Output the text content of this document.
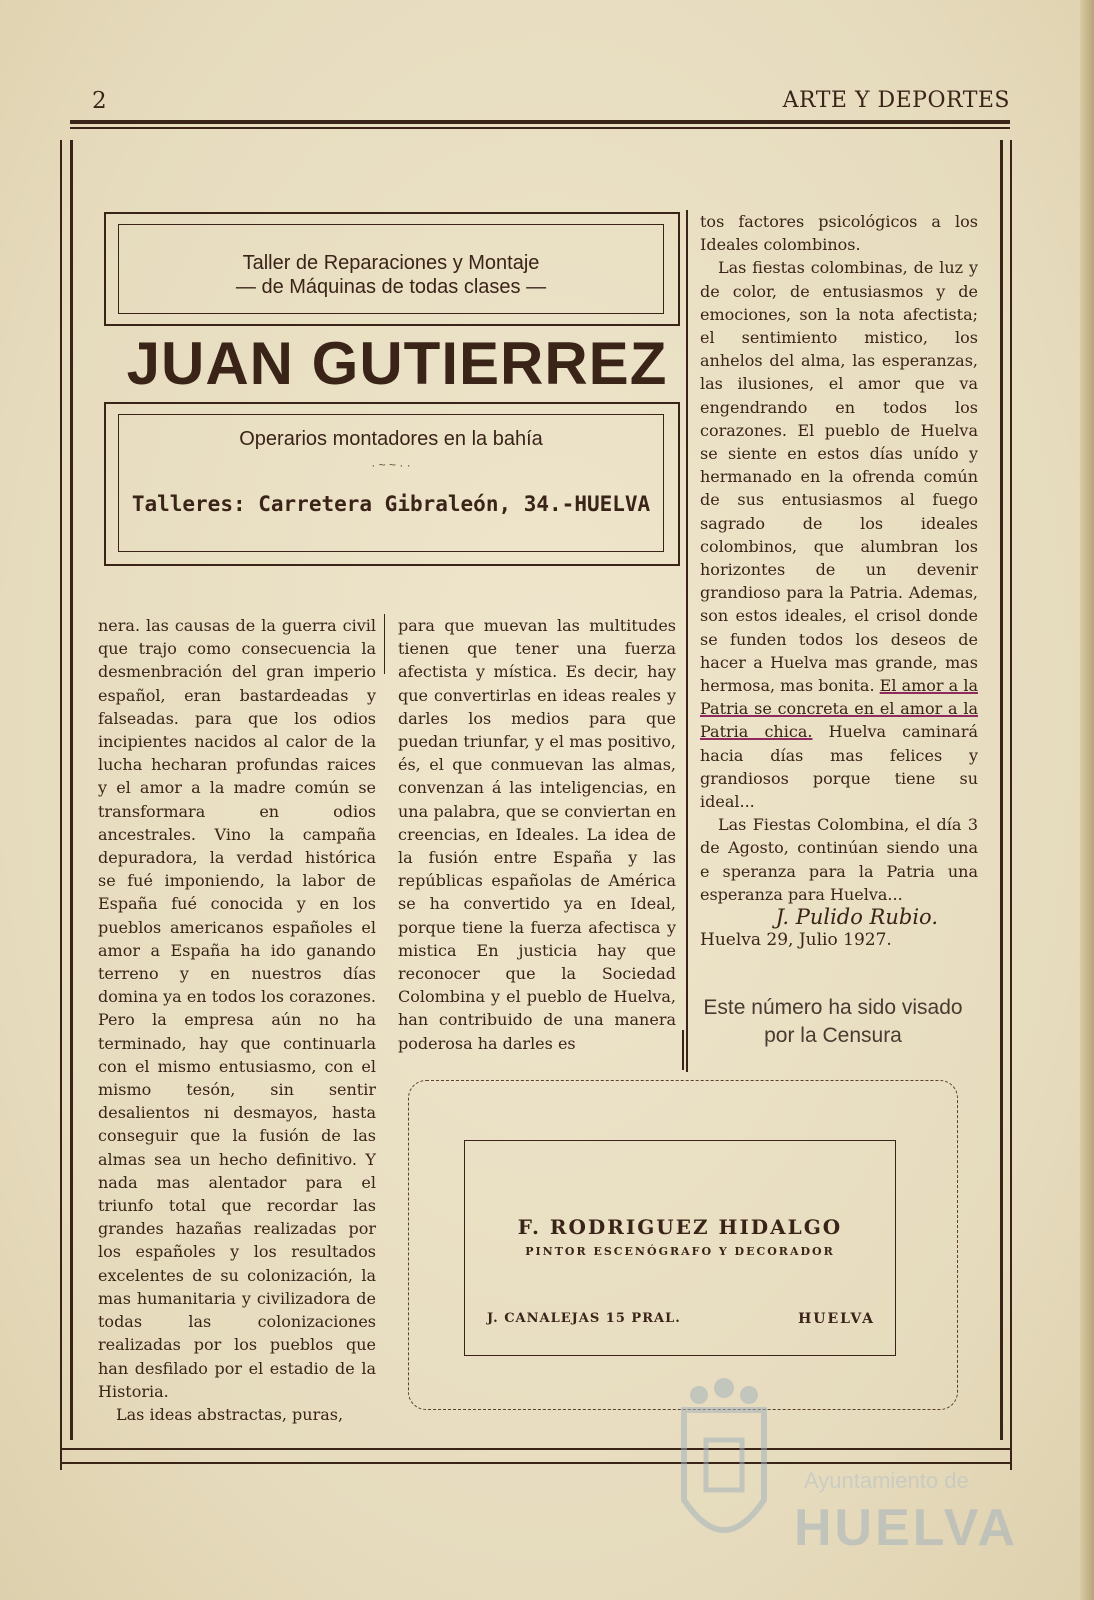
2	ARTE Y DEPORTES
Taller de Reparaciones y Montaje
— de Máquinas de todas clases —
JUAN GUTIERREZ
Operarios montadores en la bahía
· ~ ~ · ·
Talleres: Carretera Gibraleón, 34.-HUELVA

nera. las causas de la guerra civil que trajo como consecuencia la desmenbración del gran imperio español, eran bastardeadas y falseadas. para que los odios incipientes nacidos al calor de la lucha hecharan profundas raices y el amor a la madre común se transformara en odios ancestrales. Vino la campaña depuradora, la verdad histórica se fué imponiendo, la labor de España fué conocida y en los pueblos americanos españoles el amor a España ha ido ganando terreno y en nuestros días domina ya en todos los corazones. Pero la empresa aún no ha terminado, hay que continuarla con el mismo entusiasmo, con el mismo tesón, sin sentir desalientos ni desmayos, hasta conseguir que la fusión de las almas sea un hecho definitivo. Y nada mas alentador para el triunfo total que recordar las grandes hazañas realizadas por los españoles y los resultados excelentes de su colonización, la mas humanitaria y civilizadora de todas las colonizaciones realizadas por los pueblos que han desfilado por el estadio de la Historia.

Las ideas abstractas, puras,

para que muevan las multitudes tienen que tener una fuerza afectista y mística. Es decir, hay que convertirlas en ideas reales y darles los medios para que puedan triunfar, y el mas positivo, és, el que conmuevan las almas, convenzan á las inteligencias, en una palabra, que se conviertan en creencias, en Ideales. La idea de la fusión entre España y las repúblicas españolas de América se ha convertido ya en Ideal, porque tiene la fuerza afectisca y mistica En justicia hay que reconocer que la Sociedad Colombina y el pueblo de Huelva, han contribuido de una manera poderosa ha darles es

tos factores psicológicos a los Ideales colombinos.

Las fiestas colombinas, de luz y de color, de entusiasmos y de emociones, son la nota afectista; el sentimiento mistico, los anhelos del alma, las esperanzas, las ilusiones, el amor que va engendrando en todos los corazones. El pueblo de Huelva se siente en estos días unído y hermanado en la ofrenda común de sus entusiasmos al fuego sagrado de los ideales colombinos, que alumbran los horizontes de un devenir grandioso para la Patria. Ademas, son estos ideales, el crisol donde se funden todos los deseos de hacer a Huelva mas grande, mas hermosa, mas bonita. El amor a la Patria se concreta en el amor a la Patria chica. Huelva caminará hacia días mas felices y grandiosos porque tiene su ideal...

Las Fiestas Colombina, el día 3 de Agosto, continúan siendo una e speranza para la Patria una esperanza para Huelva...

J. Pulido Rubio.

Huelva 29, Julio 1927.

Este número ha sido visado
por la Censura
F. RODRIGUEZ HIDALGO
PINTOR ESCENÓGRAFO Y DECORADOR
J. CANALEJAS 15 PRAL.	HUELVA
Ayuntamiento de
HUELVA
